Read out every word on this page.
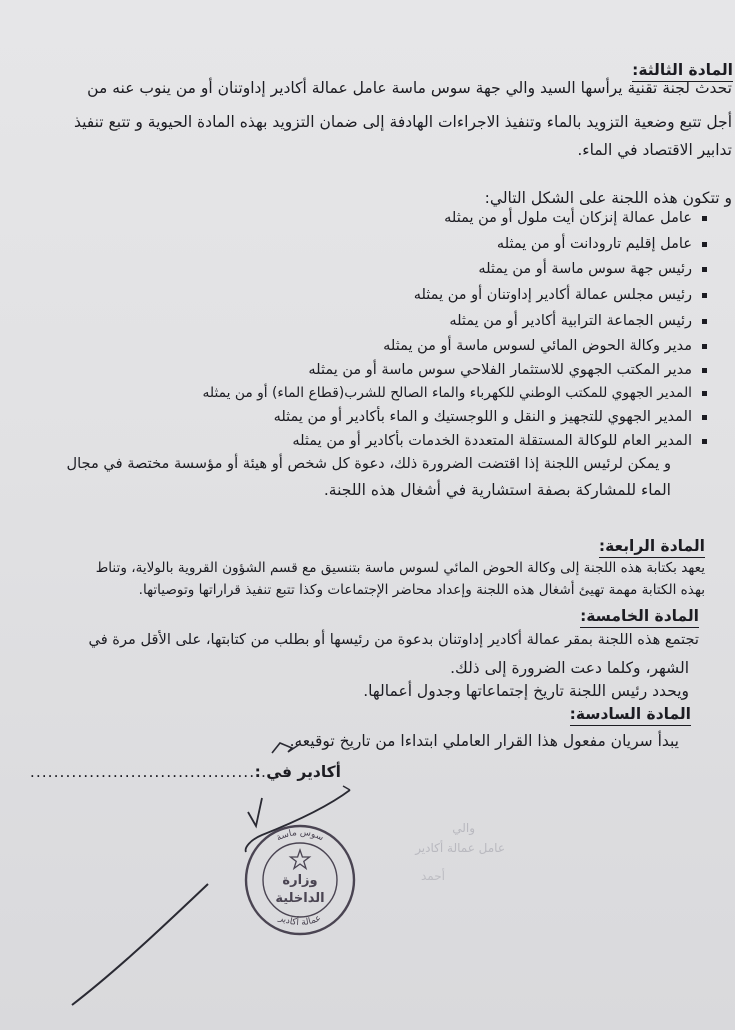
المادة الثالثة:
تحدث لجنة تقنية يرأسها السيد والي جهة سوس ماسة عامل عمالة أكادير إداوتنان أو من ينوب عنه من
أجل تتبع وضعية التزويد بالماء وتنفيذ الاجراءات الهادفة إلى ضمان التزويد بهذه المادة الحيوية و تتبع تنفيذ
تدابير الاقتصاد في الماء.
و تتكون هذه اللجنة على الشكل التالي:
عامل عمالة إنزكان أيت ملول أو من يمثله
عامل إقليم تارودانت أو من يمثله
رئيس جهة سوس ماسة أو من يمثله
رئيس مجلس عمالة أكادير إداوتنان أو من يمثله
رئيس الجماعة الترابية أكادير أو من يمثله
مدير وكالة الحوض المائي لسوس ماسة أو من يمثله
مدير المكتب الجهوي للاستثمار الفلاحي سوس ماسة أو من يمثله
المدير الجهوي للمكتب الوطني للكهرباء والماء الصالح للشرب(قطاع الماء) أو من يمثله
المدير الجهوي للتجهيز و النقل و اللوجستيك و الماء بأكادير أو من يمثله
المدير العام للوكالة المستقلة المتعددة الخدمات بأكادير أو من يمثله
و يمكن لرئيس اللجنة إذا اقتضت الضرورة ذلك، دعوة كل شخص أو هيئة أو مؤسسة مختصة في مجال
الماء للمشاركة بصفة استشارية في أشغال هذه اللجنة.
المادة الرابعة:
يعهد بكتابة هذه اللجنة إلى وكالة الحوض المائي لسوس ماسة بتنسيق مع قسم الشؤون القروية بالولاية، وتناط
بهذه الكتابة مهمة تهيئ أشغال هذه اللجنة وإعداد محاضر الإجتماعات وكذا تتبع تنفيذ قراراتها وتوصياتها.
المادة الخامسة:
تجتمع هذه اللجنة بمقر عمالة أكادير إداوتنان بدعوة من رئيسها أو بطلب من كتابتها، على الأقل مرة في
الشهر، وكلما دعت الضرورة إلى ذلك.
ويحدد رئيس اللجنة تاريخ إجتماعاتها وجدول أعمالها.
المادة السادسة:
يبدأ سريان مفعول هذا القرار العاملي ابتداءا من تاريخ توقيعه.
أكادير في :
........................................
والي
عامل عمالة أكادير
أحمد
سوس ماسة
عمالة أكادير
وزارة
الداخلية
